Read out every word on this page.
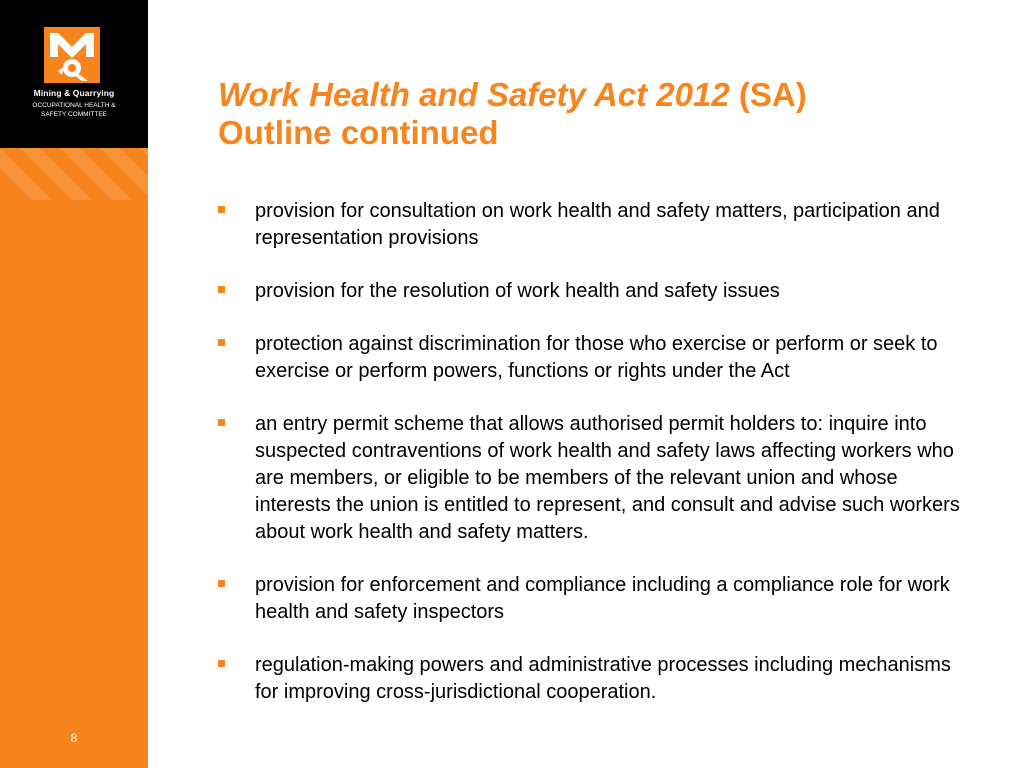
Mining & Quarrying
OCCUPATIONAL HEALTH &
SAFETY COMMITTEE
8
Work Health and Safety Act 2012 (SA)
Outline continued
provision for consultation on work health and safety matters, participation and representation provisions
provision for the resolution of work health and safety issues
protection against discrimination for those who exercise or perform or seek to exercise or perform powers, functions or rights under the Act
an entry permit scheme that allows authorised permit holders to: inquire into suspected contraventions of work health and safety laws affecting workers who are members, or eligible to be members of the relevant union and whose interests the union is entitled to represent, and consult and advise such workers about work health and safety matters.
provision for enforcement and compliance including a compliance role for work health and safety inspectors
regulation-making powers and administrative processes including mechanisms for improving cross-jurisdictional cooperation.
